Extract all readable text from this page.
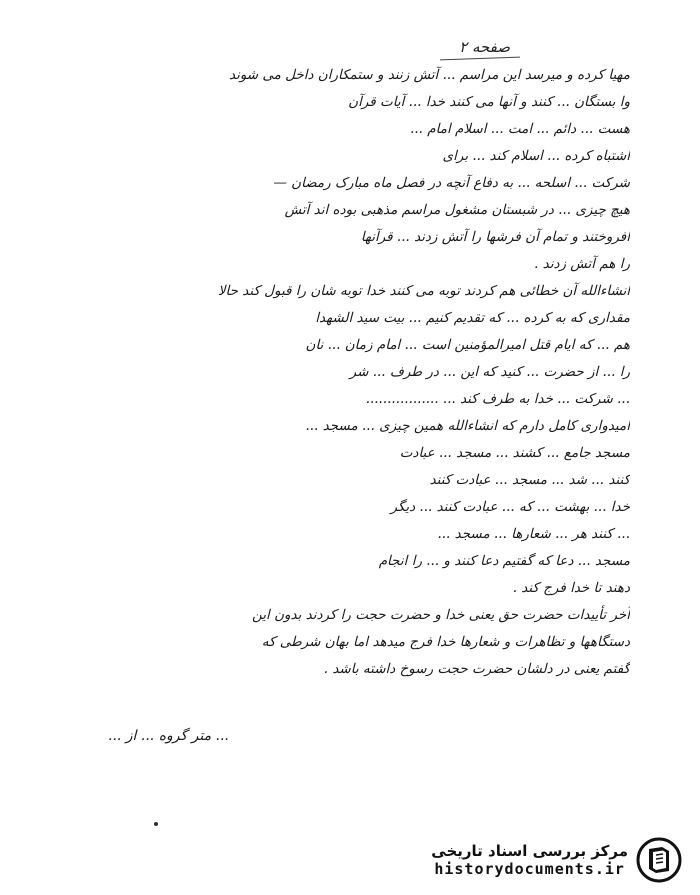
صفحه ۲

مهیا کرده و میرسد این مراسم ... آتش زنند و ستمکاران داخل می شوند

وا بستگان ... کنند و آنها می کنند خدا ... آیات قرآن

هست ... دائم ... امت ... اسلام امام ...

اشتباه کرده ... اسلام کند ... برای

شرکت ... اسلحه ... به دفاع آنچه در فصل ماه مبارک رمضان —

هیچ چیزی ... در شبستان مشغول مراسم مذهبی بوده اند آتش

افروختند و تمام آن فرشها را آتش زدند ... قرآنها

را هم آتش زدند .

انشاءالله آن خطائی هم کردند توبه می کنند خدا توبه شان را قبول کند حالا

مقداری که به کرده ... که تقدیم کنیم ... بیت سید الشهدا

هم ... که ایام قتل امیرالمؤمنین است ... امام زمان ... نان

را ... از حضرت ... کنید که این ... در طرف ... شر

... شرکت ... خدا به طرف کند ... .................

امیدواری کامل دارم که انشاءالله همین چیزی ... مسجد ...

مسجد جامع ... کشند ... مسجد ... عبادت

کنند ... شد ... مسجد ... عبادت کنند

خدا ... بهشت ... که ... عبادت کنند ... دیگر

... کنند هر ... شعارها ... مسجد ...

مسجد ... دعا که گفتیم دعا کنند و ... را انجام

دهند تا خدا فرج کند .

آخر تأییدات حضرت حق یعنی خدا و حضرت حجت را کردند بدون این

دستگاهها و تظاهرات و شعارها خدا فرج میدهد اما بهان شرطی که

گفتم یعنی در دلشان حضرت حجت رسوخ داشته باشد .

... متر گروه ... از ...
مرکز بررسی اسناد تاریخی
historydocuments.ir
